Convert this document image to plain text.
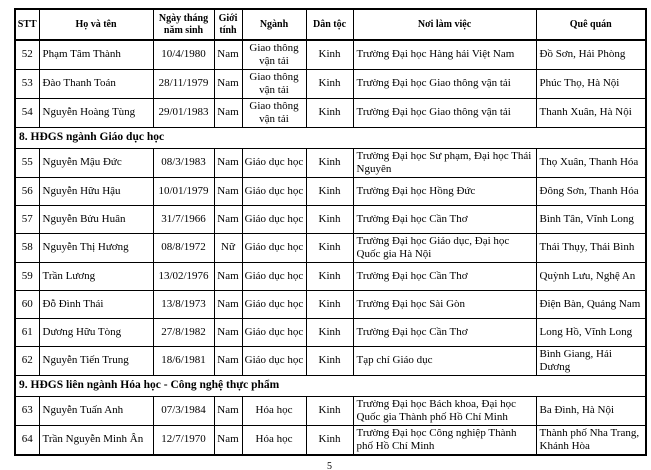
STT	Họ và tên	Ngày tháng năm sinh	Giới tính	Ngành	Dân tộc	Nơi làm việc	Quê quán
52	Phạm Tâm Thành	10/4/1980	Nam	Giao thông vận tải	Kinh	Trường Đại học Hàng hải Việt Nam	Đồ Sơn, Hải Phòng
53	Đào Thanh Toán	28/11/1979	Nam	Giao thông vận tải	Kinh	Trường Đại học Giao thông vận tải	Phúc Thọ, Hà Nội
54	Nguyễn Hoàng Tùng	29/01/1983	Nam	Giao thông vận tải	Kinh	Trường Đại học Giao thông vận tải	Thanh Xuân, Hà Nội
8. HĐGS ngành Giáo dục học							
55	Nguyễn Mậu Đức	08/3/1983	Nam	Giáo dục học	Kinh	Trường Đại học Sư phạm, Đại học Thái Nguyên	Thọ Xuân, Thanh Hóa
56	Nguyễn Hữu Hậu	10/01/1979	Nam	Giáo dục học	Kinh	Trường Đại học Hồng Đức	Đông Sơn, Thanh Hóa
57	Nguyễn Bửu Huân	31/7/1966	Nam	Giáo dục học	Kinh	Trường Đại học Cần Thơ	Bình Tân, Vĩnh Long
58	Nguyễn Thị Hương	08/8/1972	Nữ	Giáo dục học	Kinh	Trường Đại học Giáo dục, Đại học Quốc gia Hà Nội	Thái Thụy, Thái Bình
59	Trần Lương	13/02/1976	Nam	Giáo dục học	Kinh	Trường Đại học Cần Thơ	Quỳnh Lưu, Nghệ An
60	Đỗ Đình Thái	13/8/1973	Nam	Giáo dục học	Kinh	Trường Đại học Sài Gòn	Điện Bàn, Quảng Nam
61	Dương Hữu Tòng	27/8/1982	Nam	Giáo dục học	Kinh	Trường Đại học Cần Thơ	Long Hồ, Vĩnh Long
62	Nguyễn Tiến Trung	18/6/1981	Nam	Giáo dục học	Kinh	Tạp chí Giáo dục	Bình Giang, Hải Dương
9. HĐGS liên ngành Hóa học - Công nghệ thực phẩm							
63	Nguyễn Tuấn Anh	07/3/1984	Nam	Hóa học	Kinh	Trường Đại học Bách khoa, Đại học Quốc gia Thành phố Hồ Chí Minh	Ba Đình, Hà Nội
64	Trần Nguyễn Minh Ân	12/7/1970	Nam	Hóa học	Kinh	Trường Đại học Công nghiệp Thành phố Hồ Chí Minh	Thành phố Nha Trang, Khánh Hòa
5
